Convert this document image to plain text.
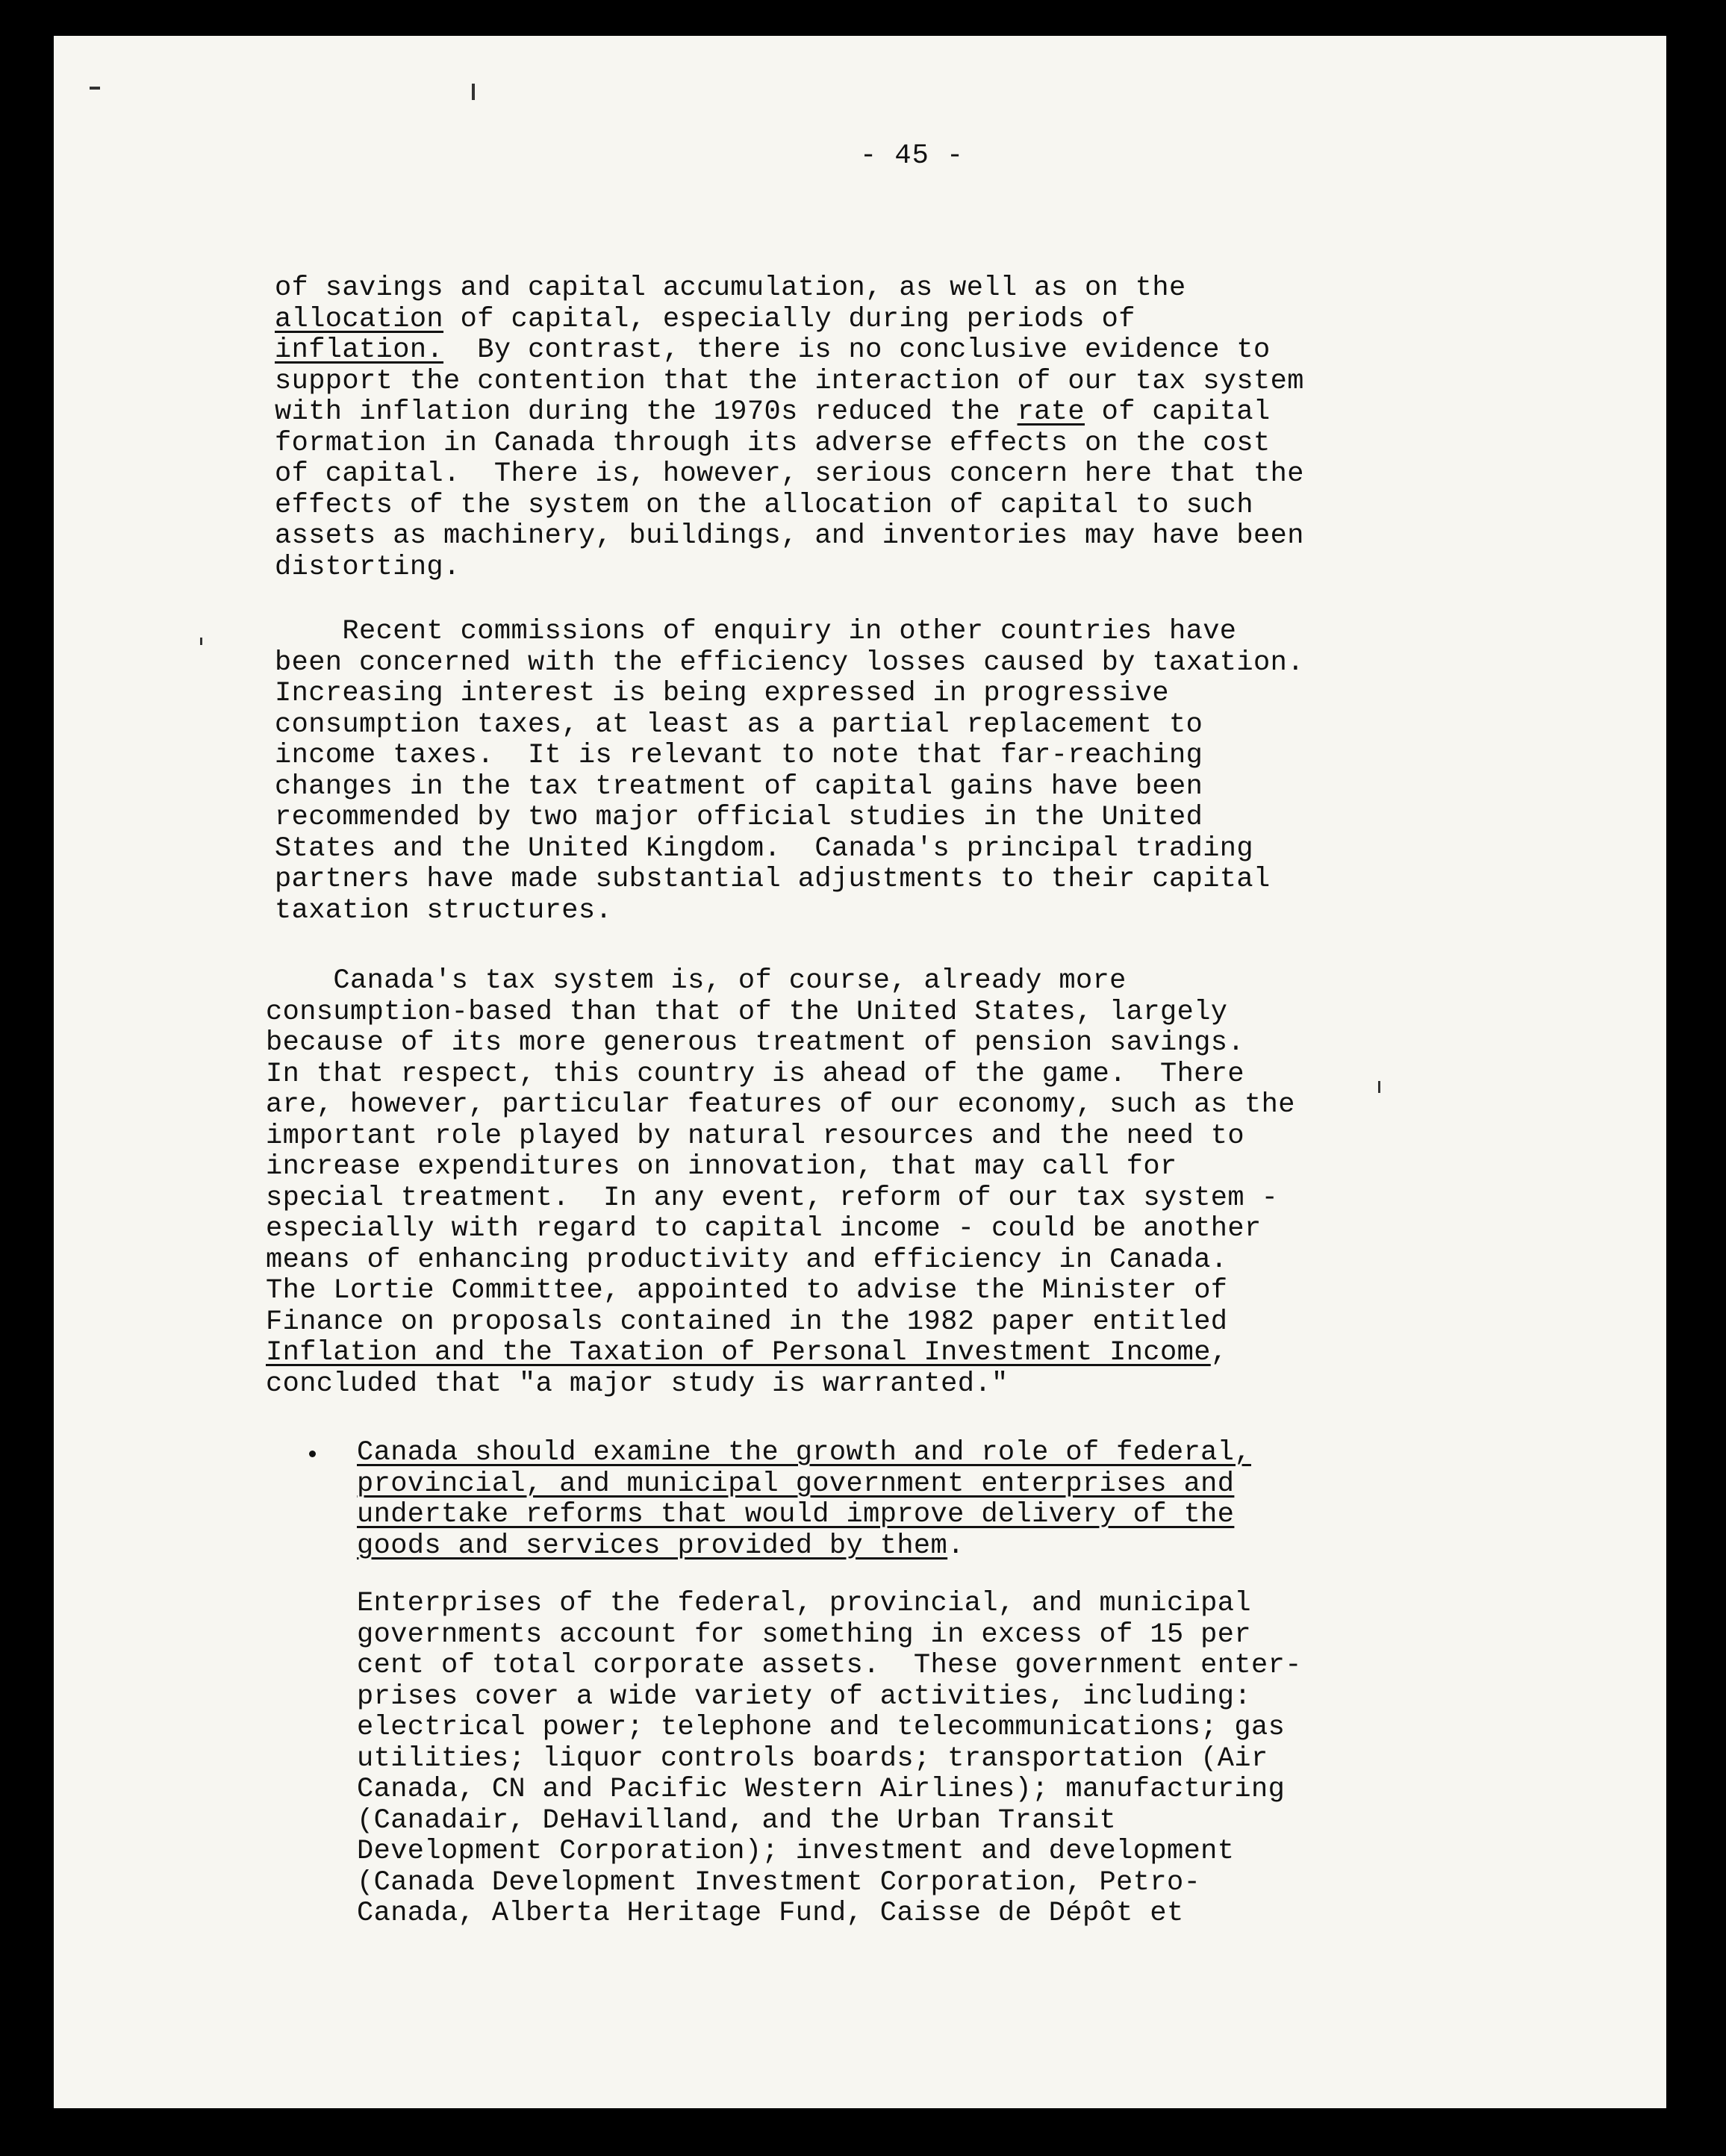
- 45 -
of savings and capital accumulation, as well as on the
allocation of capital, especially during periods of
inflation.  By contrast, there is no conclusive evidence to
support the contention that the interaction of our tax system
with inflation during the 1970s reduced the rate of capital
formation in Canada through its adverse effects on the cost
of capital.  There is, however, serious concern here that the
effects of the system on the allocation of capital to such
assets as machinery, buildings, and inventories may have been
distorting.
Recent commissions of enquiry in other countries have
been concerned with the efficiency losses caused by taxation.
Increasing interest is being expressed in progressive
consumption taxes, at least as a partial replacement to
income taxes.  It is relevant to note that far-reaching
changes in the tax treatment of capital gains have been
recommended by two major official studies in the United
States and the United Kingdom.  Canada's principal trading
partners have made substantial adjustments to their capital
taxation structures.
Canada's tax system is, of course, already more
consumption-based than that of the United States, largely
because of its more generous treatment of pension savings.
In that respect, this country is ahead of the game.  There
are, however, particular features of our economy, such as the
important role played by natural resources and the need to
increase expenditures on innovation, that may call for
special treatment.  In any event, reform of our tax system -
especially with regard to capital income - could be another
means of enhancing productivity and efficiency in Canada.
The Lortie Committee, appointed to advise the Minister of
Finance on proposals contained in the 1982 paper entitled
Inflation and the Taxation of Personal Investment Income,
concluded that "a major study is warranted."
Canada should examine the growth and role of federal,
provincial, and municipal government enterprises and
undertake reforms that would improve delivery of the
goods and services provided by them.
Enterprises of the federal, provincial, and municipal
governments account for something in excess of 15 per
cent of total corporate assets.  These government enter-
prises cover a wide variety of activities, including:
electrical power; telephone and telecommunications; gas
utilities; liquor controls boards; transportation (Air
Canada, CN and Pacific Western Airlines); manufacturing
(Canadair, DeHavilland, and the Urban Transit
Development Corporation); investment and development
(Canada Development Investment Corporation, Petro-
Canada, Alberta Heritage Fund, Caisse de Dépôt et
